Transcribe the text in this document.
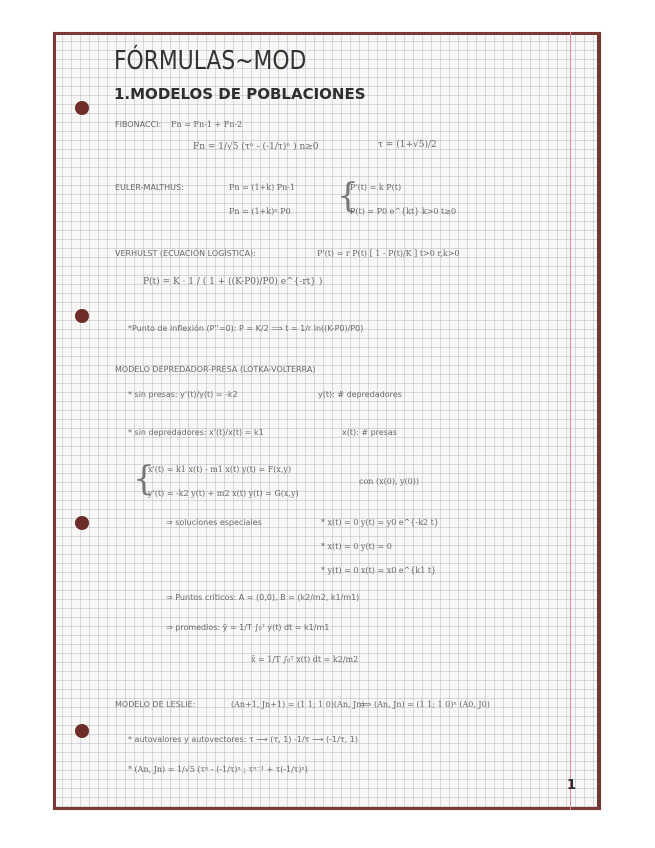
FÓRMULAS~MOD
1.MODELOS DE POBLACIONES
FIBONACCI: Fn = Fn-1 + Fn-2
Fn = 1/√5 (τⁿ - (-1/τ)ⁿ ) n≥0	τ = (1+√5)/2
EULER-MALTHUS:	Pn = (1+k) Pn-1
Pn = (1+k)ⁿ P0 {
P'(t) = k P(t)
P(t) = P0 e^{kt} k>0 t≥0
VERHULST (ECUACIÓN LOGÍSTICA):	P'(t) = r P(t) [ 1 - P(t)/K ] t>0 r,k>0
P(t) = K · 1 / ( 1 + ((K-P0)/P0) e^{-rt} )
*Punto de inflexión (P''=0): P = K/2 ⟹ t = 1/r ln((K-P0)/P0)
MODELO DEPREDADOR-PRESA (LOTKA-VOLTERRA)
* sin presas: y'(t)/y(t) = -k2	y(t): # depredadores
* sin depredadores: x'(t)/x(t) = k1	x(t): # presas
{
x'(t) = k1 x(t) - m1 x(t) y(t) = F(x,y)
y'(t) = -k2 y(t) + m2 x(t) y(t) = G(x,y)
con (x(0), y(0))
⇒ soluciones especiales	* x(t) = 0 y(t) = y0 e^{-k2 t}
* x(t) = 0 y(t) = 0
* y(t) = 0 x(t) = x0 e^{k1 t}
⇒ Puntos críticos: A = (0,0), B = (k2/m2, k1/m1)
⇒ promedios: ȳ = 1/T ∫₀ᵀ y(t) dt = k1/m1
x̄ = 1/T ∫₀ᵀ x(t) dt = k2/m2
MODELO DE LESLIE:	(An+1, Jn+1) = (1 1; 1 0)(An, Jn)
⟹ (An, Jn) = (1 1; 1 0)ⁿ (A0, J0)
* autovalores y autovectores: τ ⟶ (τ, 1) -1/τ ⟶ (-1/τ, 1)
* (An, Jn) = 1/√5 (τⁿ - (-1/τ)ⁿ ; τⁿ⁻¹ + τ(-1/τ)ⁿ)
1
